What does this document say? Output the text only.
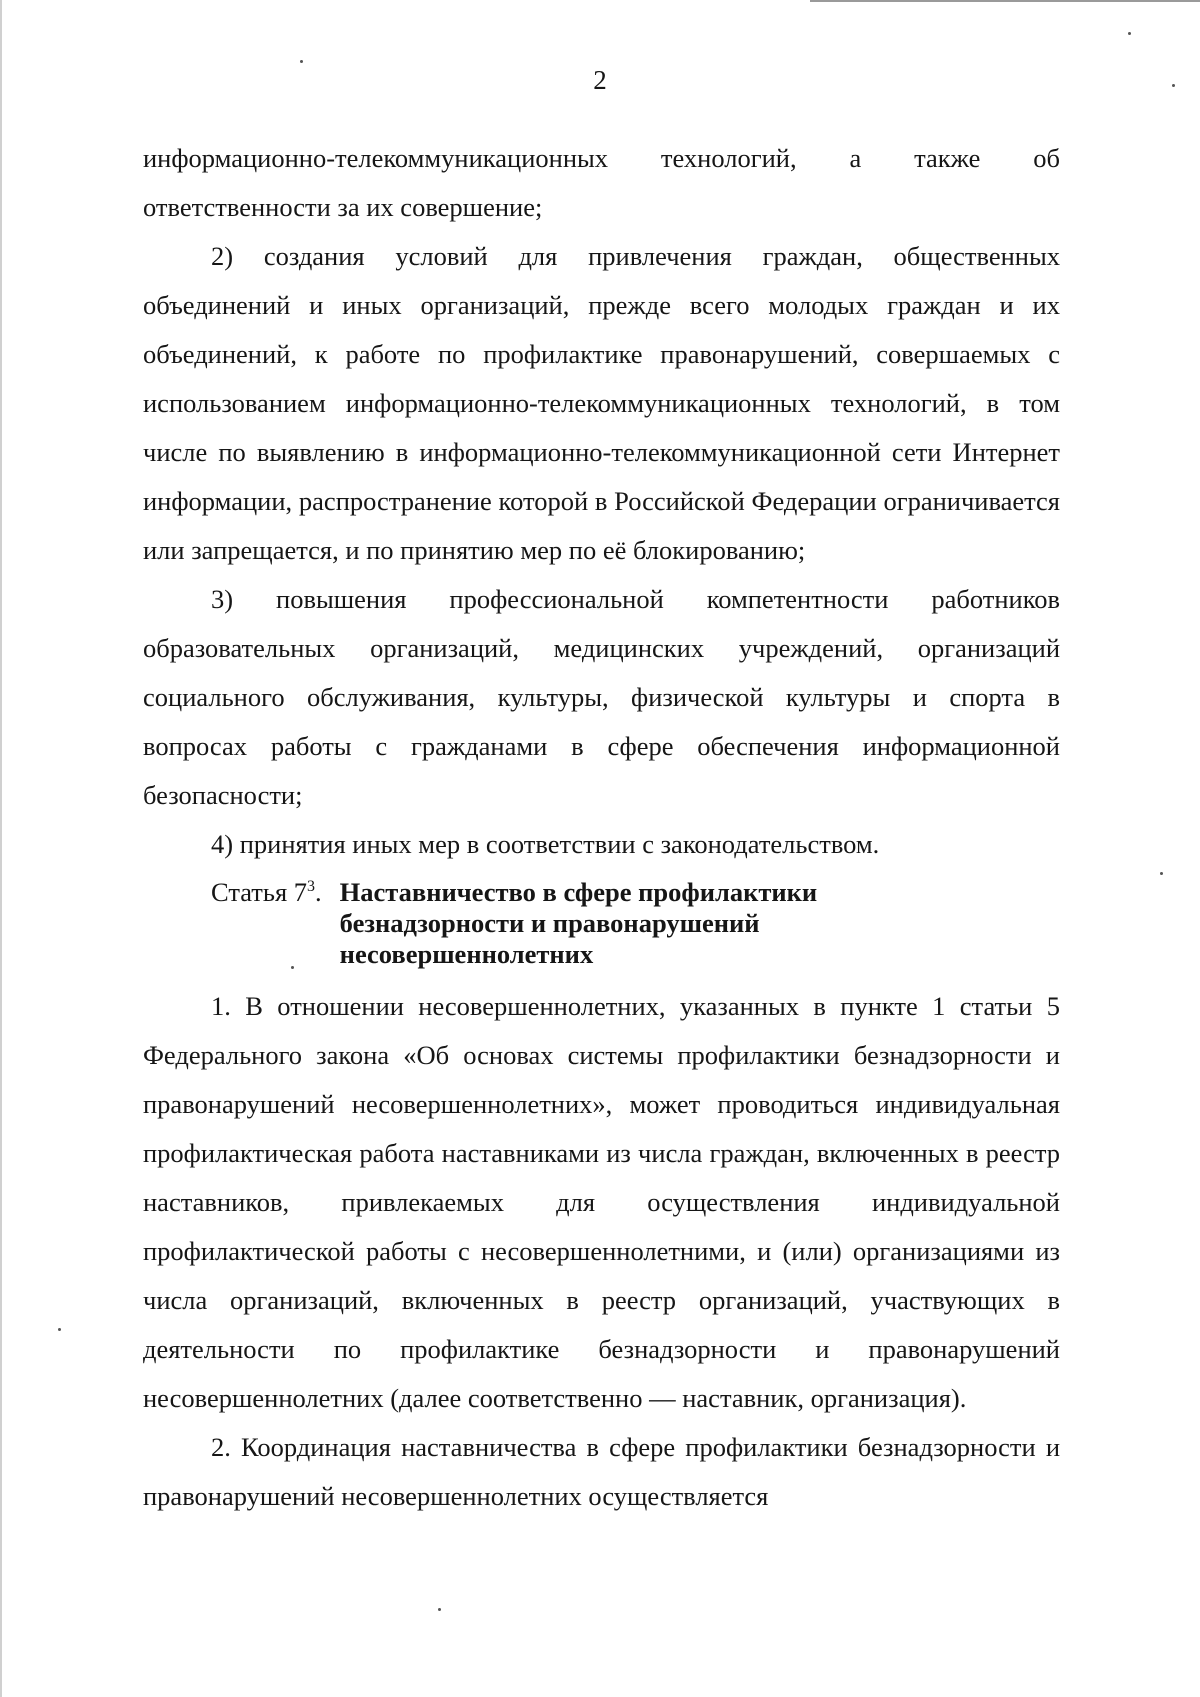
2

информационно-телекоммуникационных технологий, а также об ответственности за их совершение;

2) создания условий для привлечения граждан, общественных объединений и иных организаций, прежде всего молодых граждан и их объединений, к работе по профилактике правонарушений, совершаемых с использованием информационно-телекоммуникационных технологий, в том числе по выявлению в информационно-телекоммуникационной сети Интернет информации, распространение которой в Российской Федерации ограничивается или запрещается, и по принятию мер по её блокированию;

3) повышения профессиональной компетентности работников образовательных организаций, медицинских учреждений, организаций социального обслуживания, культуры, физической культуры и спорта в вопросах работы с гражданами в сфере обеспечения информационной безопасности;

4) принятия иных мер в соответствии с законодательством.

Статья $7^3$. Наставничество в сфере профилактики безнадзорности и правонарушений несовершеннолетних

1. В отношении несовершеннолетних, указанных в пункте 1 статьи 5 Федерального закона «Об основах системы профилактики безнадзорности и правонарушений несовершеннолетних», может проводиться индивидуальная профилактическая работа наставниками из числа граждан, включенных в реестр наставников, привлекаемых для осуществления индивидуальной профилактической работы с несовершеннолетними, и (или) организациями из числа организаций, включенных в реестр организаций, участвующих в деятельности по профилактике безнадзорности и правонарушений несовершеннолетних (далее соответственно — наставник, организация).

2. Координация наставничества в сфере профилактики безнадзорности и правонарушений несовершеннолетних осуществляется
